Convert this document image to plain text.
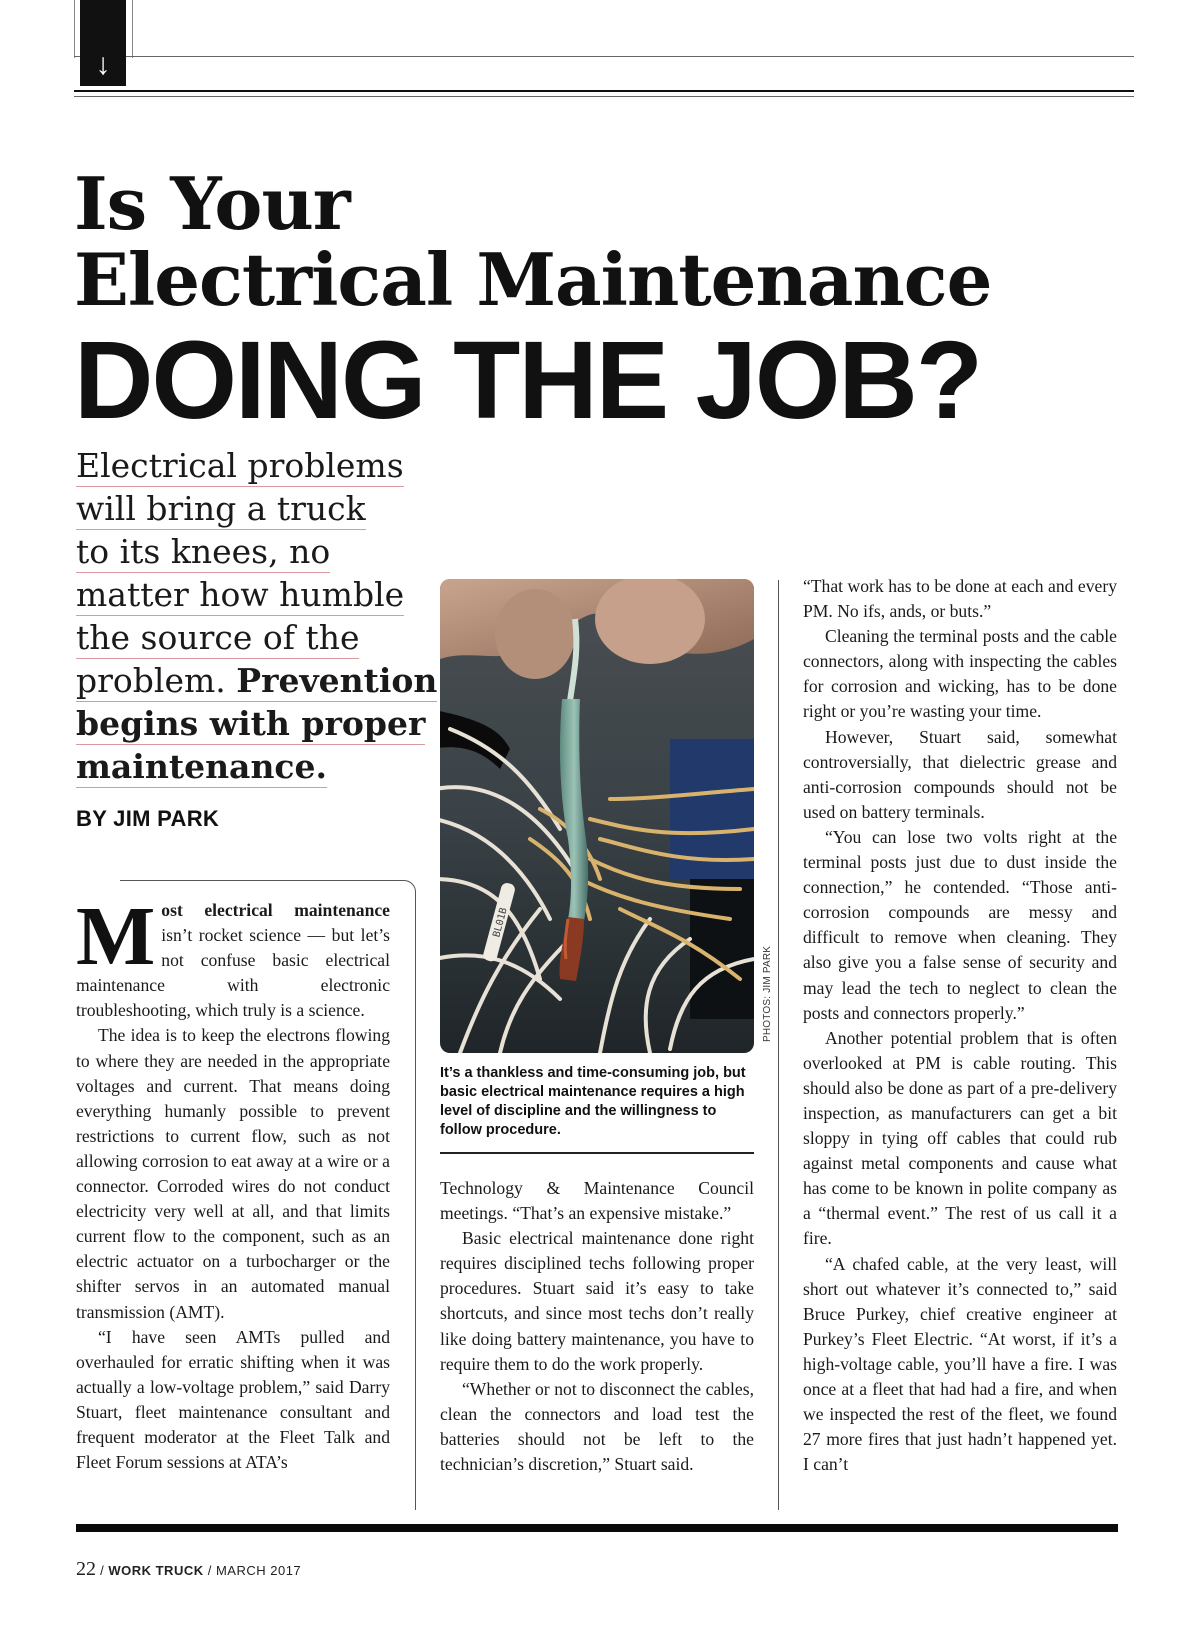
↓
Is Your
Electrical Maintenance
DOING THE JOB?
Electrical problems
will bring a truck
to its knees, no
matter how humble
the source of the
problem. Prevention
begins with proper
maintenance.
BY JIM PARK

Most electrical maintenance isn’t rocket science — but let’s not confuse basic electrical maintenance with electronic troubleshooting, which truly is a science.

The idea is to keep the electrons flowing to where they are needed in the appropriate voltages and current. That means doing everything humanly possible to prevent restrictions to current flow, such as not allowing corrosion to eat away at a wire or a connector. Corroded wires do not conduct electricity very well at all, and that limits current flow to the component, such as an electric actuator on a turbocharger or the shifter servos in an automated manual transmission (AMT).

“I have seen AMTs pulled and overhauled for erratic shifting when it was actually a low-voltage problem,” said Darry Stuart, fleet maintenance consultant and frequent moderator at the Fleet Talk and Fleet Forum sessions at ATA’s

BL01B
PHOTOS: JIM PARK
It’s a thankless and time-consuming job, but basic electrical maintenance requires a high level of discipline and the willingness to follow procedure.

Technology & Maintenance Council meetings. “That’s an expensive mistake.”

Basic electrical maintenance done right requires disciplined techs following proper procedures. Stuart said it’s easy to take shortcuts, and since most techs don’t really like doing battery maintenance, you have to require them to do the work properly.

“Whether or not to disconnect the cables, clean the connectors and load test the batteries should not be left to the technician’s discretion,” Stuart said.

“That work has to be done at each and every PM. No ifs, ands, or buts.”

Cleaning the terminal posts and the cable connectors, along with inspecting the cables for corrosion and wicking, has to be done right or you’re wasting your time.

However, Stuart said, somewhat controversially, that dielectric grease and anti-corrosion compounds should not be used on battery terminals.

“You can lose two volts right at the terminal posts just due to dust inside the connection,” he contended. “Those anti-corrosion compounds are messy and difficult to remove when cleaning. They also give you a false sense of security and may lead the tech to neglect to clean the posts and connectors properly.”

Another potential problem that is often overlooked at PM is cable routing. This should also be done as part of a pre-delivery inspection, as manufacturers can get a bit sloppy in tying off cables that could rub against metal components and cause what has come to be known in polite company as a “thermal event.” The rest of us call it a fire.

“A chafed cable, at the very least, will short out whatever it’s connected to,” said Bruce Purkey, chief creative engineer at Purkey’s Fleet Electric. “At worst, if it’s a high-voltage cable, you’ll have a fire. I was once at a fleet that had had a fire, and when we inspected the rest of the fleet, we found 27 more fires that just hadn’t happened yet. I can’t

22 / WORK TRUCK / MARCH 2017
